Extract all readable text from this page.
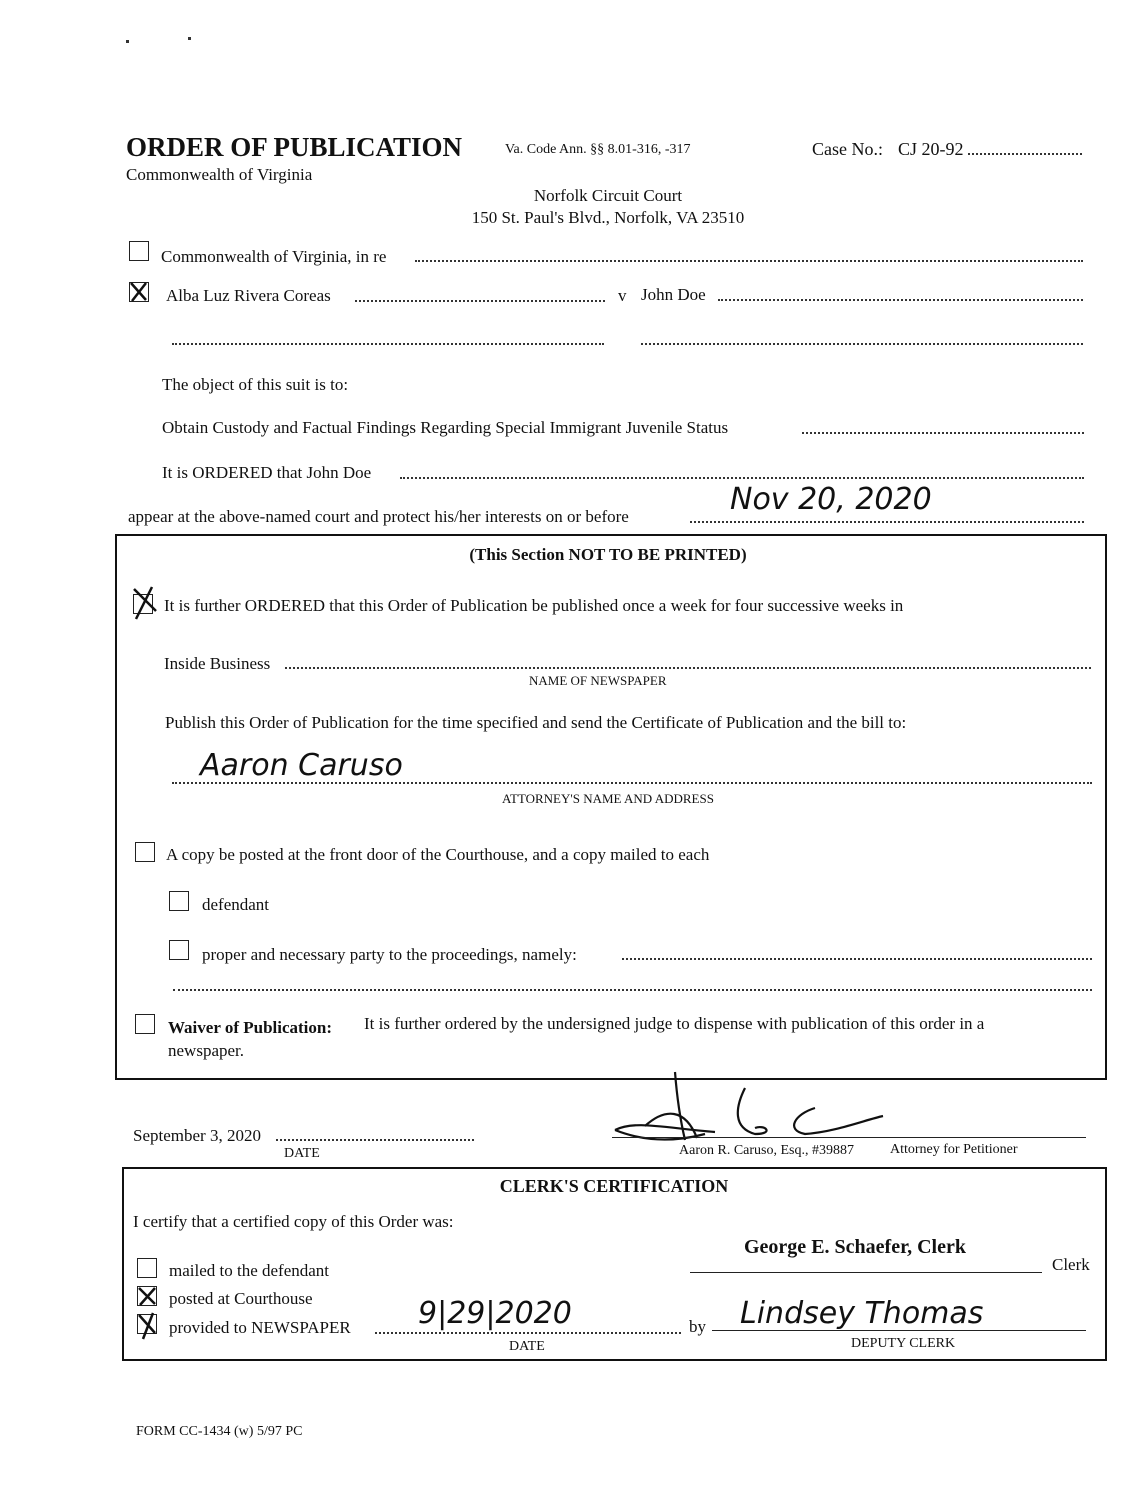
ORDER OF PUBLICATION
Commonwealth of Virginia
Va. Code Ann. §§ 8.01-316, -317	Case No.: CJ 20-92
Norfolk Circuit Court
150 St. Paul's Blvd., Norfolk, VA 23510
Commonwealth of Virginia, in re
Alba Luz Rivera Coreas	v John Doe
The object of this suit is to:
Obtain Custody and Factual Findings Regarding Special Immigrant Juvenile Status
It is ORDERED that John Doe
appear at the above-named court and protect his/her interests on or before	Nov 20, 2020
(This Section NOT TO BE PRINTED)
It is further ORDERED that this Order of Publication be published once a week for four successive weeks in
Inside Business
NAME OF NEWSPAPER
Publish this Order of Publication for the time specified and send the Certificate of Publication and the bill to:
Aaron Caruso
ATTORNEY'S NAME AND ADDRESS
A copy be posted at the front door of the Courthouse, and a copy mailed to each
defendant
proper and necessary party to the proceedings, namely:
Waiver of Publication: It is further ordered by the undersigned judge to dispense with publication of this order in a
newspaper.
September 3, 2020
DATE	Aaron R. Caruso, Esq., #39887	Attorney for Petitioner
CLERK'S CERTIFICATION
I certify that a certified copy of this Order was:
George E. Schaefer, Clerk
Clerk
mailed to the defendant
posted at Courthouse
provided to NEWSPAPER 9|29|2020
DATE
by Lindsey Thomas
DEPUTY CLERK
FORM CC-1434 (w) 5/97 PC
